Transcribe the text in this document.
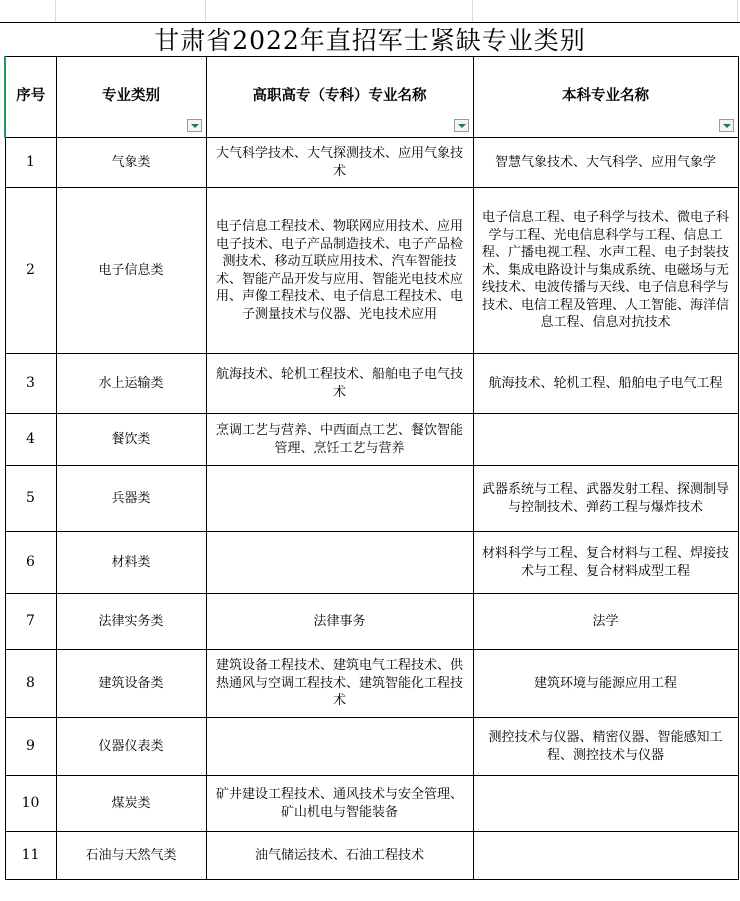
甘肃省2022年直招军士紧缺专业类别
序号	专业类别	高职高专（专科）专业名称	本科专业名称

1	气象类	大气科学技术、大气探测技术、应用气象技术	智慧气象技术、大气科学、应用气象学
2	电子信息类	电子信息工程技术、物联网应用技术、应用电子技术、电子产品制造技术、电子产品检测技术、移动互联应用技术、汽车智能技术、智能产品开发与应用、智能光电技术应用、声像工程技术、电子信息工程技术、电子测量技术与仪器、光电技术应用	电子信息工程、电子科学与技术、微电子科学与工程、光电信息科学与工程、信息工程、广播电视工程、水声工程、电子封装技术、集成电路设计与集成系统、电磁场与无线技术、电波传播与天线、电子信息科学与技术、电信工程及管理、人工智能、海洋信息工程、信息对抗技术
3	水上运输类	航海技术、轮机工程技术、船舶电子电气技术	航海技术、轮机工程、船舶电子电气工程
4	餐饮类	烹调工艺与营养、中西面点工艺、餐饮智能管理、烹饪工艺与营养	
5	兵器类		武器系统与工程、武器发射工程、探测制导与控制技术、弹药工程与爆炸技术
6	材料类		材料科学与工程、复合材料与工程、焊接技术与工程、复合材料成型工程
7	法律实务类	法律事务	法学
8	建筑设备类	建筑设备工程技术、建筑电气工程技术、供热通风与空调工程技术、建筑智能化工程技术	建筑环境与能源应用工程
9	仪器仪表类		测控技术与仪器、精密仪器、智能感知工程、测控技术与仪器
10	煤炭类	矿井建设工程技术、通风技术与安全管理、矿山机电与智能装备	
11	石油与天然气类	油气储运技术、石油工程技术	
